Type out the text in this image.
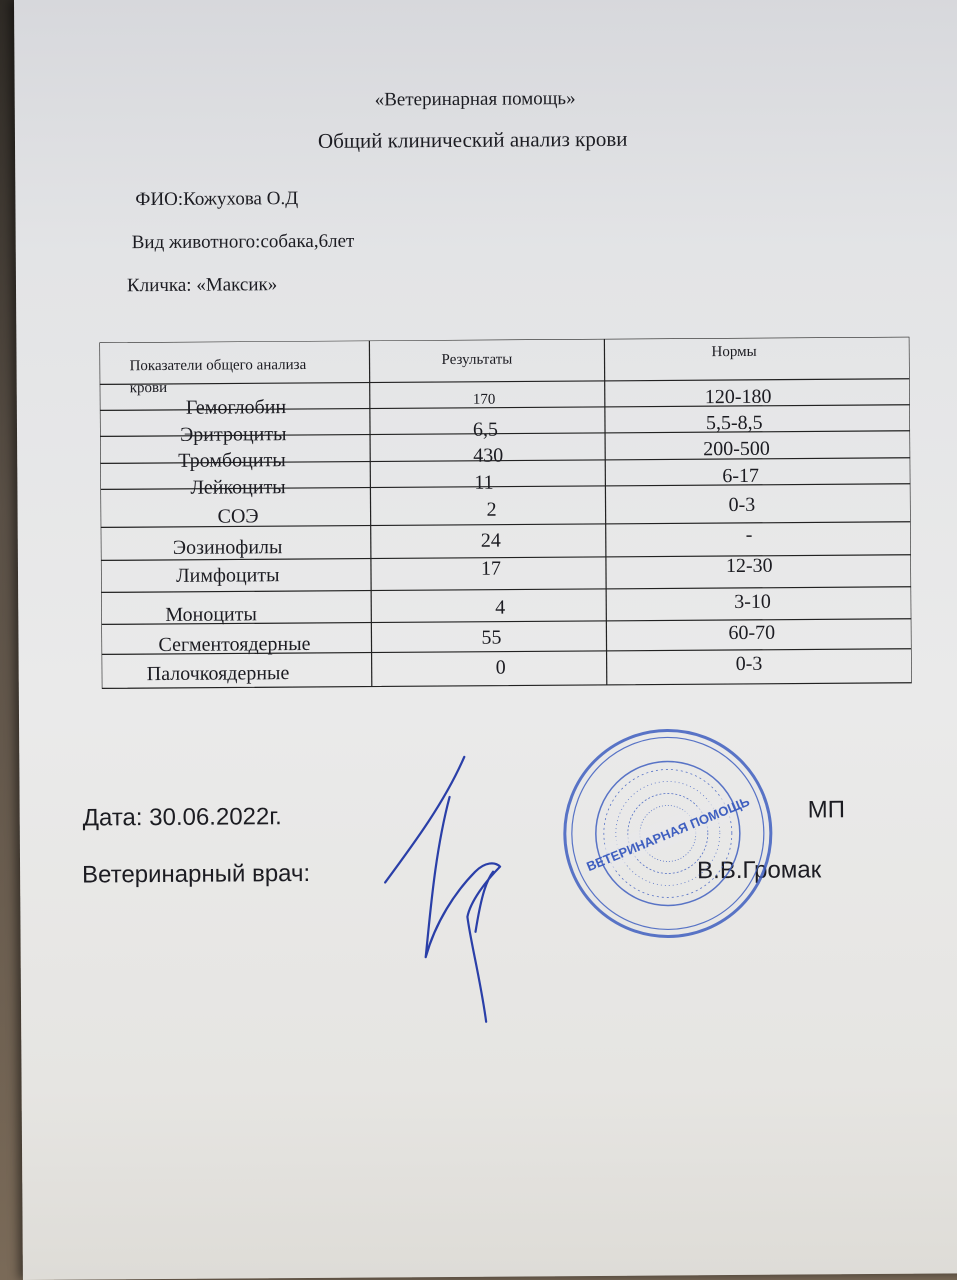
«Ветеринарная помощь»
Общий клинический анализ крови
ФИО:Кожухова О.Д
Вид животного:собака,6лет
Кличка: «Максик»
Показатели общего анализа
крови
Результаты	Нормы
Гемоглобин	170	120-180
Эритроциты	6,5	5,5-8,5
Тромбоциты	430	200-500
Лейкоциты	11	6-17
СОЭ	2	0-3
Эозинофилы	24	-
Лимфоциты	17	12-30
Моноциты	4	3-10
Сегментоядерные	55	60-70
Палочкоядерные	0	0-3
Дата: 30.06.2022г.	МП
Ветеринарный врач:	В.В.Громак
ВЕТЕРИНАРНАЯ ПОМОЩЬ
